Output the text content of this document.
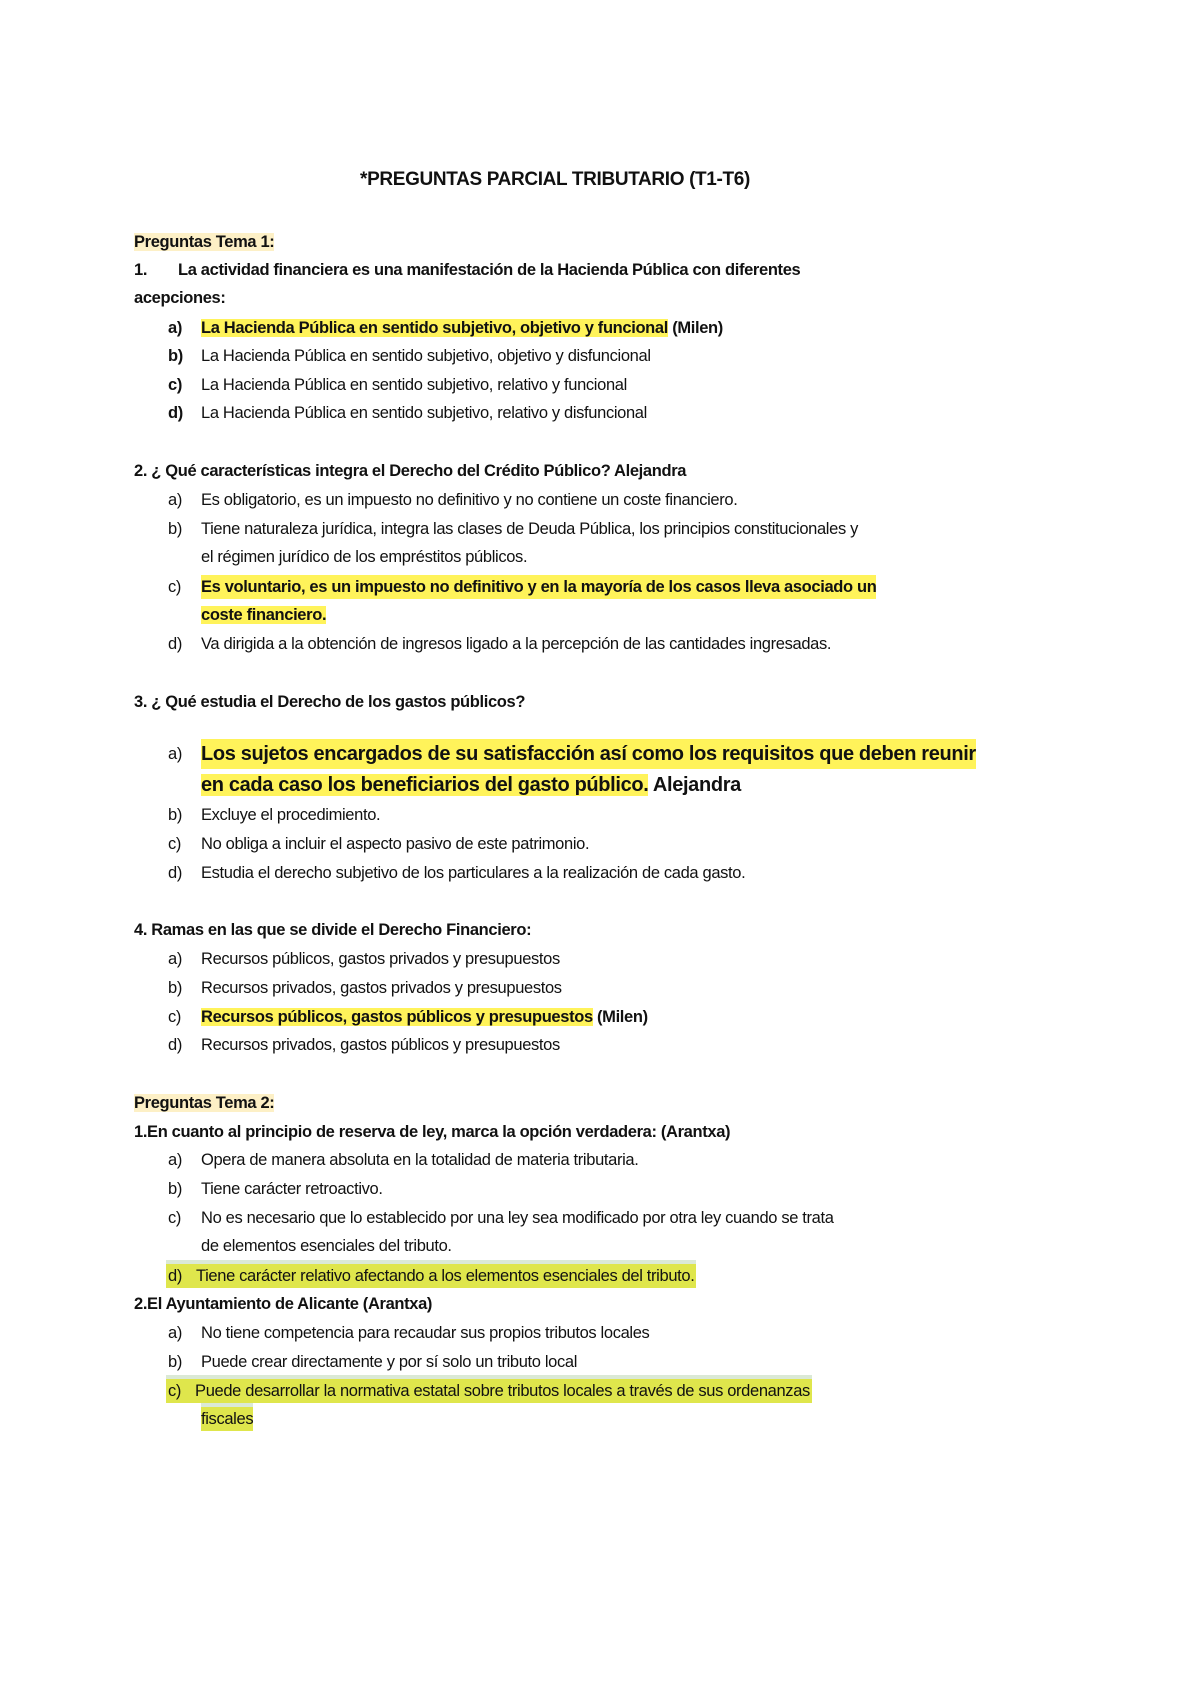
*PREGUNTAS PARCIAL TRIBUTARIO (T1-T6)
Preguntas Tema 1:
1. La actividad financiera es una manifestación de la Hacienda Pública con diferentes
acepciones:
a) La Hacienda Pública en sentido subjetivo, objetivo y funcional (Milen)
b) La Hacienda Pública en sentido subjetivo, objetivo y disfuncional
c) La Hacienda Pública en sentido subjetivo, relativo y funcional
d) La Hacienda Pública en sentido subjetivo, relativo y disfuncional
2. ¿ Qué características integra el Derecho del Crédito Público? Alejandra
a) Es obligatorio, es un impuesto no definitivo y no contiene un coste financiero.
b) Tiene naturaleza jurídica, integra las clases de Deuda Pública, los principios constitucionales y
el régimen jurídico de los empréstitos públicos.
c) Es voluntario, es un impuesto no definitivo y en la mayoría de los casos lleva asociado un
coste financiero.
d) Va dirigida a la obtención de ingresos ligado a la percepción de las cantidades ingresadas.
3. ¿ Qué estudia el Derecho de los gastos públicos?
a) Los sujetos encargados de su satisfacción así como los requisitos que deben reunir
en cada caso los beneficiarios del gasto público. Alejandra
b) Excluye el procedimiento.
c) No obliga a incluir el aspecto pasivo de este patrimonio.
d) Estudia el derecho subjetivo de los particulares a la realización de cada gasto.
4. Ramas en las que se divide el Derecho Financiero:
a) Recursos públicos, gastos privados y presupuestos
b) Recursos privados, gastos privados y presupuestos
c) Recursos públicos, gastos públicos y presupuestos (Milen)
d) Recursos privados, gastos públicos y presupuestos
Preguntas Tema 2:
1.En cuanto al principio de reserva de ley, marca la opción verdadera: (Arantxa)
a) Opera de manera absoluta en la totalidad de materia tributaria.
b) Tiene carácter retroactivo.
c) No es necesario que lo establecido por una ley sea modificado por otra ley cuando se trata
de elementos esenciales del tributo.
d) Tiene carácter relativo afectando a los elementos esenciales del tributo.
2.El Ayuntamiento de Alicante (Arantxa)
a) No tiene competencia para recaudar sus propios tributos locales
b) Puede crear directamente y por sí solo un tributo local
c) Puede desarrollar la normativa estatal sobre tributos locales a través de sus ordenanzas
fiscales
